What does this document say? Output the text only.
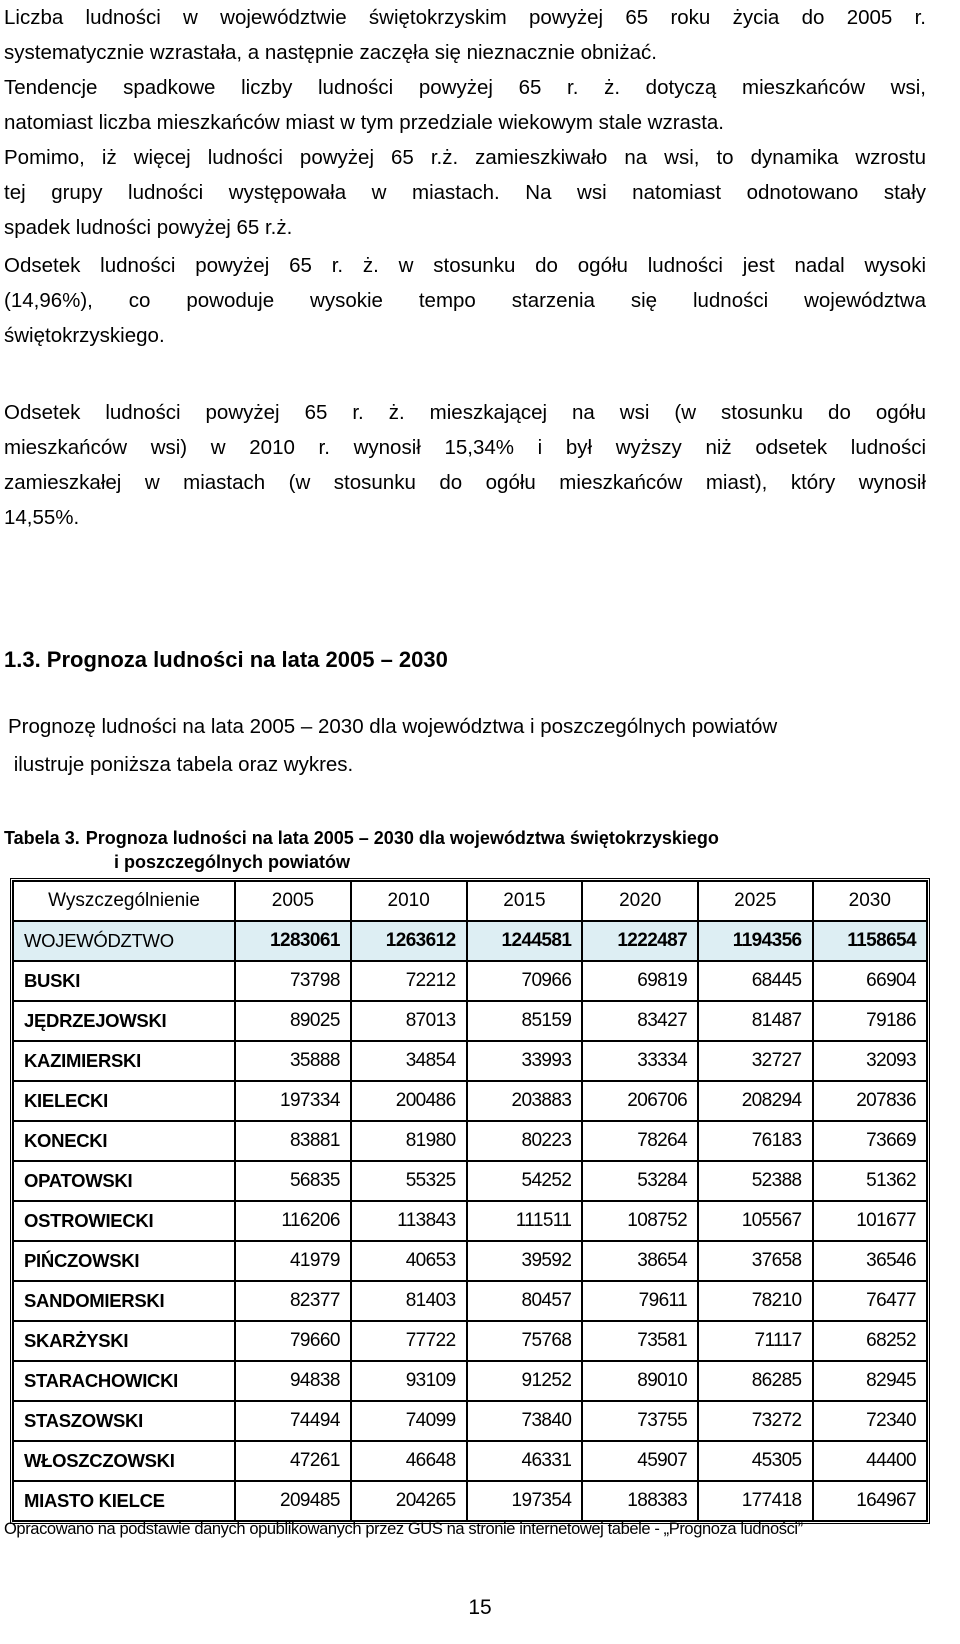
Liczba ludności w województwie świętokrzyskim powyżej 65 roku życia do 2005 r.
systematycznie wzrastała, a następnie zaczęła się nieznacznie obniżać.
Tendencje spadkowe liczby ludności powyżej 65 r. ż. dotyczą mieszkańców wsi,
natomiast liczba mieszkańców miast w tym przedziale wiekowym stale wzrasta.
Pomimo, iż więcej ludności powyżej 65 r.ż. zamieszkiwało na wsi, to dynamika wzrostu
tej grupy ludności występowała w miastach. Na wsi natomiast odnotowano stały
spadek ludności powyżej 65 r.ż.
Odsetek ludności powyżej 65 r. ż. w stosunku do ogółu ludności jest nadal wysoki
(14,96%), co powoduje wysokie tempo starzenia się ludności województwa
świętokrzyskiego.
Odsetek ludności powyżej 65 r. ż. mieszkającej na wsi (w stosunku do ogółu
mieszkańców wsi) w 2010 r. wynosił 15,34% i był wyższy niż odsetek ludności
zamieszkałej w miastach (w stosunku do ogółu mieszkańców miast), który wynosił
14,55%.

1.3. Prognoza ludności na lata 2005 – 2030

Prognozę ludności na lata 2005 – 2030 dla województwa i poszczególnych powiatów
ilustruje poniższa tabela oraz wykres.
Tabela 3. Prognoza ludności na lata 2005 – 2030 dla województwa świętokrzyskiego
i poszczególnych powiatów
Wyszczególnienie	2005	2010	2015	2020	2025	2030
WOJEWÓDZTWO	1283061	1263612	1244581	1222487	1194356	1158654
BUSKI	73798	72212	70966	69819	68445	66904
JĘDRZEJOWSKI	89025	87013	85159	83427	81487	79186
KAZIMIERSKI	35888	34854	33993	33334	32727	32093
KIELECKI	197334	200486	203883	206706	208294	207836
KONECKI	83881	81980	80223	78264	76183	73669
OPATOWSKI	56835	55325	54252	53284	52388	51362
OSTROWIECKI	116206	113843	111511	108752	105567	101677
PIŃCZOWSKI	41979	40653	39592	38654	37658	36546
SANDOMIERSKI	82377	81403	80457	79611	78210	76477
SKARŻYSKI	79660	77722	75768	73581	71117	68252
STARACHOWICKI	94838	93109	91252	89010	86285	82945
STASZOWSKI	74494	74099	73840	73755	73272	72340
WŁOSZCZOWSKI	47261	46648	46331	45907	45305	44400
MIASTO KIELCE	209485	204265	197354	188383	177418	164967

Opracowano na podstawie danych opublikowanych przez GUS na stronie internetowej tabele - „Prognoza ludności”

15
